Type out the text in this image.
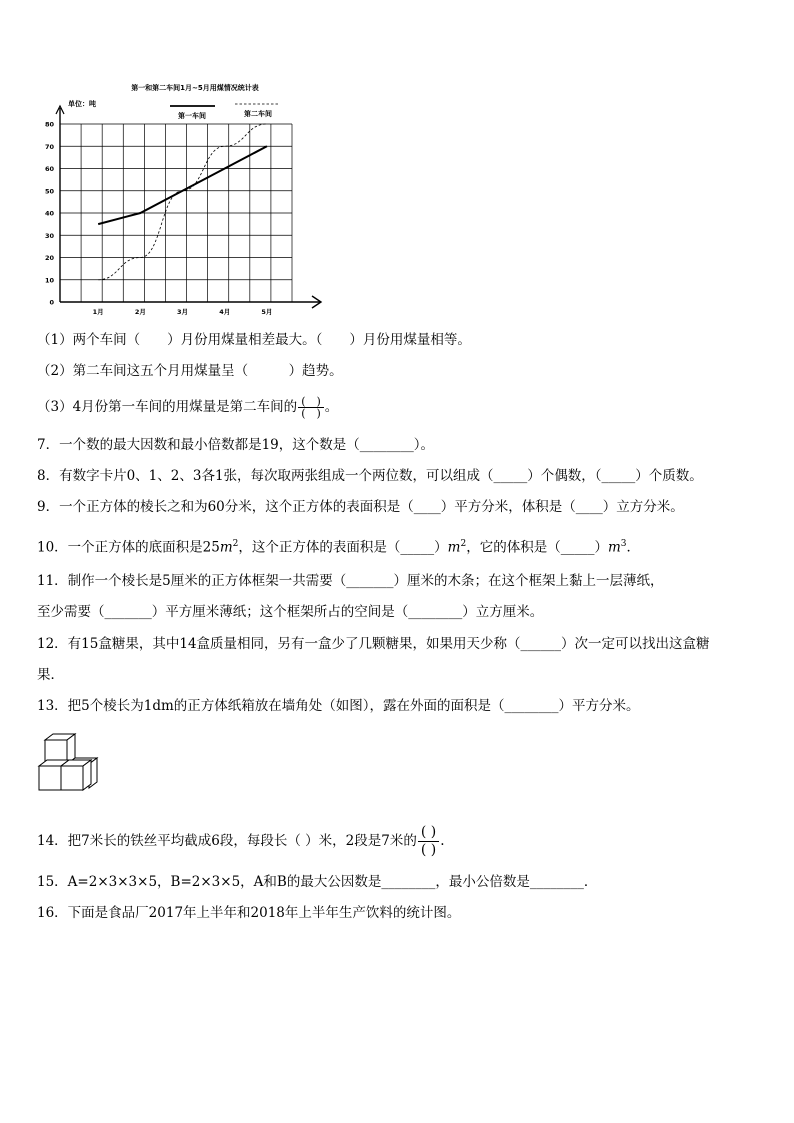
第一和第二车间1月~5月用煤情况统计表
单位：吨
0
10
20
30
40
50
60
70
80
1月	2月	3月	4月	5月
第一车间	第二车间
（1）两个车间（　　）月份用煤量相差最大。（　　）月份用煤量相等。
（2）第二车间这五个月用煤量呈（　　　）趋势。
（3）4月份第一车间的用煤量是第二车间的 $\frac{( )}{( )}$ 。
7．一个数的最大因数和最小倍数都是19，这个数是（________）。
8．有数字卡片0、1、2、3各1张，每次取两张组成一个两位数，可以组成（_____）个偶数，（_____）个质数。
9．一个正方体的棱长之和为60分米，这个正方体的表面积是（____）平方分米，体积是（____）立方分米。
10．一个正方体的底面积是$25m^2$，这个正方体的表面积是$(\_\_\_\_\_)m^2$，它的体积是$(\_\_\_\_\_)m^3$．
11．制作一个棱长是5厘米的正方体框架一共需要（_______）厘米的木条；在这个框架上黏上一层薄纸，
至少需要（_______）平方厘米薄纸；这个框架所占的空间是（________）立方厘米。
12．有15盒糖果，其中14盒质量相同，另有一盒少了几颗糖果，如果用天少称（______）次一定可以找出这盒糖
果．
13．把5个棱长为1dm的正方体纸箱放在墙角处（如图），露在外面的面积是（________）平方分米。
14．把7米长的铁丝平均截成6段，每段长（ ）米，2段是7米的 $\frac{( )}{( )}$ .
15．A=2×3×3×5，B=2×3×5，A和B的最大公因数是________，最小公倍数是________．
16．下面是食品厂2017年上半年和2018年上半年生产饮料的统计图。
